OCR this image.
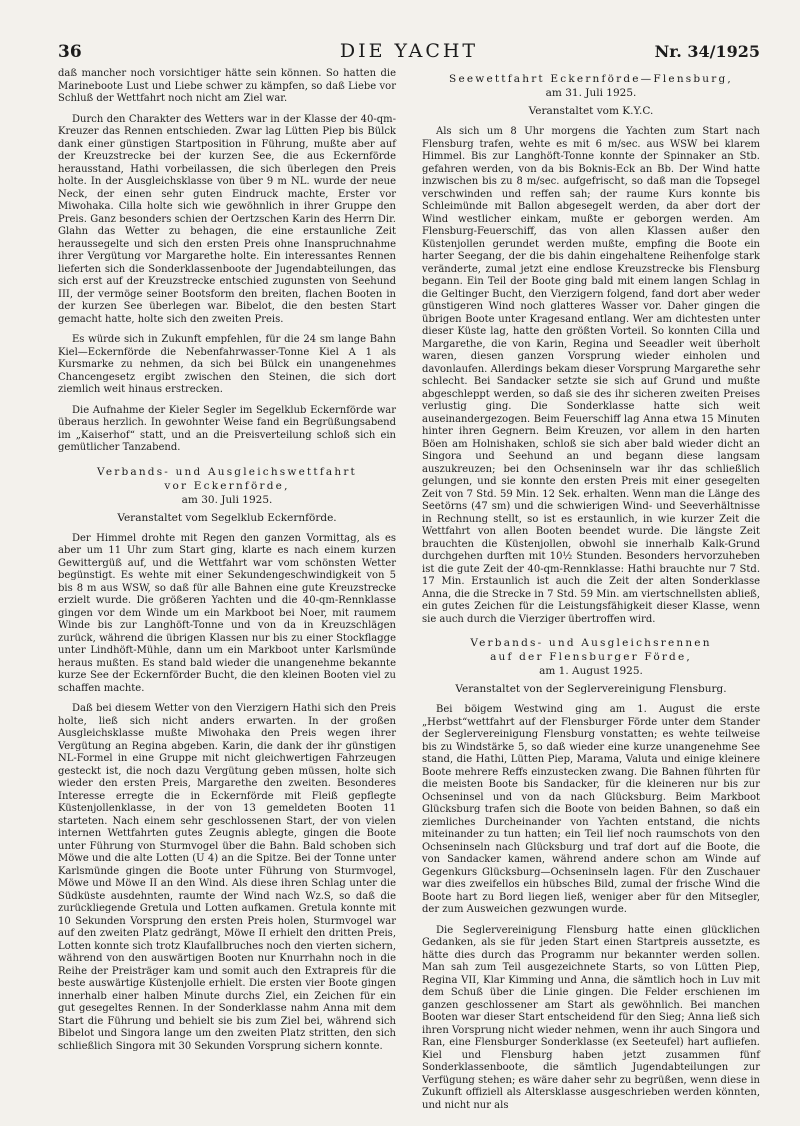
36	DIE YACHT	Nr. 34/1925

daß mancher noch vorsichtiger hätte sein können. So hatten die Marineboote Lust und Liebe schwer zu kämpfen, so daß Liebe vor Schluß der Wettfahrt noch nicht am Ziel war.

Durch den Charakter des Wetters war in der Klasse der 40-qm-Kreuzer das Rennen entschieden. Zwar lag Lütten Piep bis Bülck dank einer günstigen Startposition in Führung, mußte aber auf der Kreuzstrecke bei der kurzen See, die aus Eckernförde herausstand, Hathi vorbeilassen, die sich überlegen den Preis holte. In der Ausgleichsklasse von über 9 m NL. wurde der neue Neck, der einen sehr guten Eindruck machte, Erster vor Miwohaka. Cilla holte sich wie gewöhnlich in ihrer Gruppe den Preis. Ganz besonders schien der Oertzschen Karin des Herrn Dir. Glahn das Wetter zu behagen, die eine erstaunliche Zeit heraussegelte und sich den ersten Preis ohne Inanspruchnahme ihrer Vergütung vor Margarethe holte. Ein interessantes Rennen lieferten sich die Sonderklassenboote der Jugendabteilungen, das sich erst auf der Kreuzstrecke entschied zugunsten von Seehund III, der vermöge seiner Bootsform den breiten, flachen Booten in der kurzen See überlegen war. Bibelot, die den besten Start gemacht hatte, holte sich den zweiten Preis.

Es würde sich in Zukunft empfehlen, für die 24 sm lange Bahn Kiel—Eckernförde die Nebenfahrwasser-Tonne Kiel A 1 als Kursmarke zu nehmen, da sich bei Bülck ein unangenehmes Chancengesetz ergibt zwischen den Steinen, die sich dort ziemlich weit hinaus erstrecken.

Die Aufnahme der Kieler Segler im Segelklub Eckernförde war überaus herzlich. In gewohnter Weise fand ein Begrüßungsabend im „Kaiserhof“ statt, und an die Preisverteilung schloß sich ein gemütlicher Tanzabend.

Verbands- und Ausgleichswettfahrt
vor Eckernförde,
am 30. Juli 1925.
Veranstaltet vom Segelklub Eckernförde.

Der Himmel drohte mit Regen den ganzen Vormittag, als es aber um 11 Uhr zum Start ging, klarte es nach einem kurzen Gewittergüß auf, und die Wettfahrt war vom schönsten Wetter begünstigt. Es wehte mit einer Sekundengeschwindigkeit von 5 bis 8 m aus WSW, so daß für alle Bahnen eine gute Kreuzstrecke erzielt wurde. Die größeren Yachten und die 40-qm-Rennklasse gingen vor dem Winde um ein Markboot bei Noer, mit raumem Winde bis zur Langhöft-Tonne und von da in Kreuzschlägen zurück, während die übrigen Klassen nur bis zu einer Stockflagge unter Lindhöft-Mühle, dann um ein Markboot unter Karlsmünde heraus mußten. Es stand bald wieder die unangenehme bekannte kurze See der Eckernförder Bucht, die den kleinen Booten viel zu schaffen machte.

Daß bei diesem Wetter von den Vierzigern Hathi sich den Preis holte, ließ sich nicht anders erwarten. In der großen Ausgleichsklasse mußte Miwohaka den Preis wegen ihrer Vergütung an Regina abgeben. Karin, die dank der ihr günstigen NL-Formel in eine Gruppe mit nicht gleichwertigen Fahrzeugen gesteckt ist, die noch dazu Vergütung geben müssen, holte sich wieder den ersten Preis, Margarethe den zweiten. Besonderes Interesse erregte die in Eckernförde mit Fleiß gepflegte Küstenjollenklasse, in der von 13 gemeldeten Booten 11 starteten. Nach einem sehr geschlossenen Start, der von vielen internen Wettfahrten gutes Zeugnis ablegte, gingen die Boote unter Führung von Sturmvogel über die Bahn. Bald schoben sich Möwe und die alte Lotten (U 4) an die Spitze. Bei der Tonne unter Karlsmünde gingen die Boote unter Führung von Sturmvogel, Möwe und Möwe II an den Wind. Als diese ihren Schlag unter die Südküste ausdehnten, raumte der Wind nach Wz.S, so daß die zurückliegende Gretula und Lotten aufkamen. Gretula konnte mit 10 Sekunden Vorsprung den ersten Preis holen, Sturmvogel war auf den zweiten Platz gedrängt, Möwe II erhielt den dritten Preis, Lotten konnte sich trotz Klaufallbruches noch den vierten sichern, während von den auswärtigen Booten nur Knurrhahn noch in die Reihe der Preisträger kam und somit auch den Extrapreis für die beste auswärtige Küstenjolle erhielt. Die ersten vier Boote gingen innerhalb einer halben Minute durchs Ziel, ein Zeichen für ein gut gesegeltes Rennen. In der Sonderklasse nahm Anna mit dem Start die Führung und behielt sie bis zum Ziel bei, während sich Bibelot und Singora lange um den zweiten Platz stritten, den sich schließlich Singora mit 30 Sekunden Vorsprung sichern konnte.

Seewettfahrt Eckernförde—Flensburg,
am 31. Juli 1925.
Veranstaltet vom K.Y.C.

Als sich um 8 Uhr morgens die Yachten zum Start nach Flensburg trafen, wehte es mit 6 m/sec. aus WSW bei klarem Himmel. Bis zur Langhöft-Tonne konnte der Spinnaker an Stb. gefahren werden, von da bis Boknis-Eck an Bb. Der Wind hatte inzwischen bis zu 8 m/sec. aufgefrischt, so daß man die Topsegel verschwinden und reffen sah; der raume Kurs konnte bis Schleimünde mit Ballon abgesegelt werden, da aber dort der Wind westlicher einkam, mußte er geborgen werden. Am Flensburg-Feuerschiff, das von allen Klassen außer den Küstenjollen gerundet werden mußte, empfing die Boote ein harter Seegang, der die bis dahin eingehaltene Reihenfolge stark veränderte, zumal jetzt eine endlose Kreuzstrecke bis Flensburg begann. Ein Teil der Boote ging bald mit einem langen Schlag in die Geltinger Bucht, den Vierzigern folgend, fand dort aber weder günstigeren Wind noch glatteres Wasser vor. Daher gingen die übrigen Boote unter Kragesand entlang. Wer am dichtesten unter dieser Küste lag, hatte den größten Vorteil. So konnten Cilla und Margarethe, die von Karin, Regina und Seeadler weit überholt waren, diesen ganzen Vorsprung wieder einholen und davonlaufen. Allerdings bekam dieser Vorsprung Margarethe sehr schlecht. Bei Sandacker setzte sie sich auf Grund und mußte abgeschleppt werden, so daß sie des ihr sicheren zweiten Preises verlustig ging. Die Sonderklasse hatte sich weit auseinandergezogen. Beim Feuerschiff lag Anna etwa 15 Minuten hinter ihren Gegnern. Beim Kreuzen, vor allem in den harten Böen am Holnishaken, schloß sie sich aber bald wieder dicht an Singora und Seehund an und begann diese langsam auszukreuzen; bei den Ochseninseln war ihr das schließlich gelungen, und sie konnte den ersten Preis mit einer gesegelten Zeit von 7 Std. 59 Min. 12 Sek. erhalten. Wenn man die Länge des Seetörns (47 sm) und die schwierigen Wind- und Seeverhältnisse in Rechnung stellt, so ist es erstaunlich, in wie kurzer Zeit die Wettfahrt von allen Booten beendet wurde. Die längste Zeit brauchten die Küstenjollen, obwohl sie innerhalb Kalk-Grund durchgehen durften mit 10½ Stunden. Besonders hervorzuheben ist die gute Zeit der 40-qm-Rennklasse: Hathi brauchte nur 7 Std. 17 Min. Erstaunlich ist auch die Zeit der alten Sonderklasse Anna, die die Strecke in 7 Std. 59 Min. am viertschnellsten abließ, ein gutes Zeichen für die Leistungsfähigkeit dieser Klasse, wenn sie auch durch die Vierziger übertroffen wird.

Verbands- und Ausgleichsrennen
auf der Flensburger Förde,
am 1. August 1925.
Veranstaltet von der Seglervereinigung Flensburg.

Bei böigem Westwind ging am 1. August die erste „Herbst“wettfahrt auf der Flensburger Förde unter dem Stander der Seglervereinigung Flensburg vonstatten; es wehte teilweise bis zu Windstärke 5, so daß wieder eine kurze unangenehme See stand, die Hathi, Lütten Piep, Marama, Valuta und einige kleinere Boote mehrere Reffs einzustecken zwang. Die Bahnen führten für die meisten Boote bis Sandacker, für die kleineren nur bis zur Ochseninsel und von da nach Glücksburg. Beim Markboot Glücksburg trafen sich die Boote von beiden Bahnen, so daß ein ziemliches Durcheinander von Yachten entstand, die nichts miteinander zu tun hatten; ein Teil lief noch raumschots von den Ochseninseln nach Glücksburg und traf dort auf die Boote, die von Sandacker kamen, während andere schon am Winde auf Gegenkurs Glücksburg—Ochseninseln lagen. Für den Zuschauer war dies zweifellos ein hübsches Bild, zumal der frische Wind die Boote hart zu Bord liegen ließ, weniger aber für den Mitsegler, der zum Ausweichen gezwungen wurde.

Die Seglervereinigung Flensburg hatte einen glücklichen Gedanken, als sie für jeden Start einen Startpreis aussetzte, es hätte dies durch das Programm nur bekannter werden sollen. Man sah zum Teil ausgezeichnete Starts, so von Lütten Piep, Regina VII, Klar Kimming und Anna, die sämtlich hoch in Luv mit dem Schuß über die Linie gingen. Die Felder erschienen im ganzen geschlossener am Start als gewöhnlich. Bei manchen Booten war dieser Start entscheidend für den Sieg; Anna ließ sich ihren Vorsprung nicht wieder nehmen, wenn ihr auch Singora und Ran, eine Flensburger Sonderklasse (ex Seeteufel) hart aufliefen. Kiel und Flensburg haben jetzt zusammen fünf Sonderklassenboote, die sämtlich Jugendabteilungen zur Verfügung stehen; es wäre daher sehr zu begrüßen, wenn diese in Zukunft offiziell als Altersklasse ausgeschrieben werden könnten, und nicht nur als
